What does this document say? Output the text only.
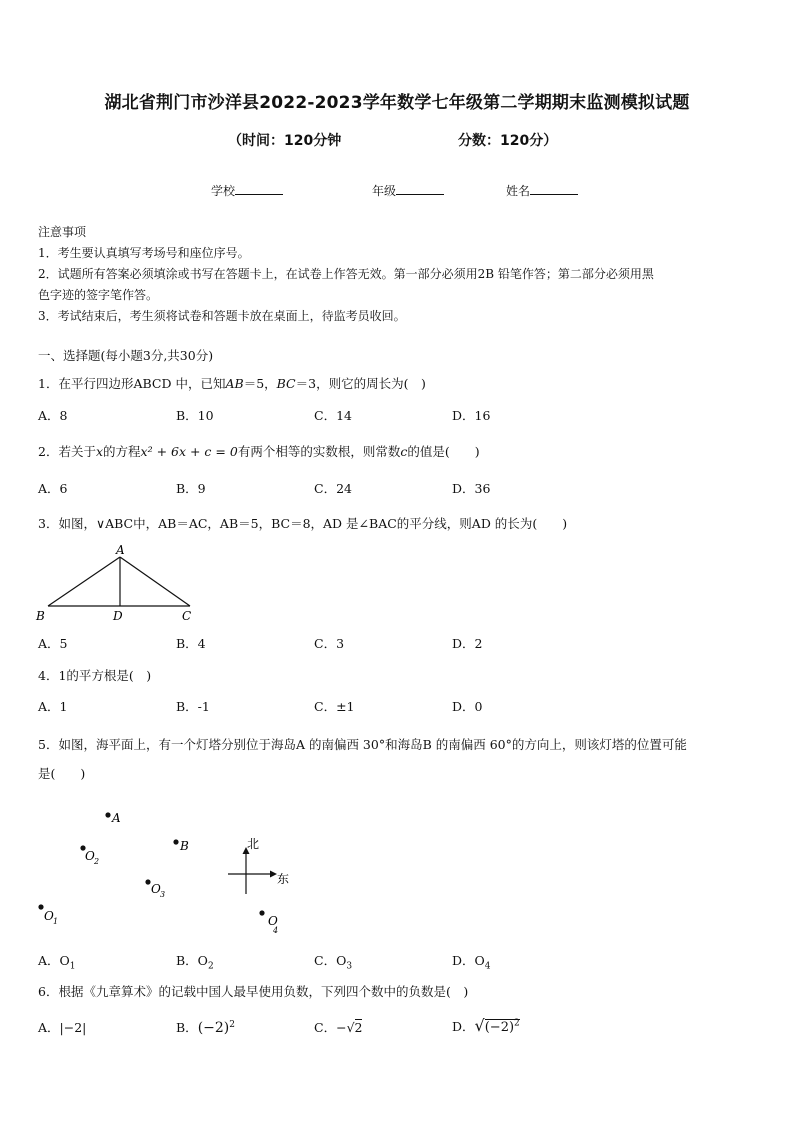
湖北省荆门市沙洋县2022-2023学年数学七年级第二学期期末监测模拟试题
（时间：120分钟	分数：120分）
学校	年级	姓名
注意事项
1．考生要认真填写考场号和座位序号。
2．试题所有答案必须填涂或书写在答题卡上，在试卷上作答无效。第一部分必须用2B 铅笔作答；第二部分必须用黑
色字迹的签字笔作答。
3．考试结束后，考生须将试卷和答题卡放在桌面上，待监考员收回。
一、选择题(每小题3分,共30分)
1．在平行四边形ABCD 中，已知AB＝5，BC＝3，则它的周长为(　)
A．8	B．10	C．14	D．16
2．若关于x的方程x² + 6x + c = 0有两个相等的实数根，则常数c的值是(　　)
A．6	B．9	C．24	D．36
3．如图，∨ABC中，AB＝AC，AB＝5，BC＝8，AD 是∠BAC的平分线，则AD 的长为(　　)
A
B	D	C
A．5	B．4	C．3	D．2
4．1的平方根是(　)
A．1	B．-1	C．±1	D．0
5．如图，海平面上，有一个灯塔分别位于海岛A 的南偏西 30°和海岛B 的南偏西 60°的方向上，则该灯塔的位置可能
是(　　)
A
B
O 2
O 3
O 1	O
4
北
东
A．$O_1$	B．$O_2$	C．$O_3$	D．$O_4$
6．根据《九章算术》的记载中国人最早使用负数，下列四个数中的负数是(　)
A．|−2|	B．$(-2)^2$	C．−√2	D．$√(-2)^2$
